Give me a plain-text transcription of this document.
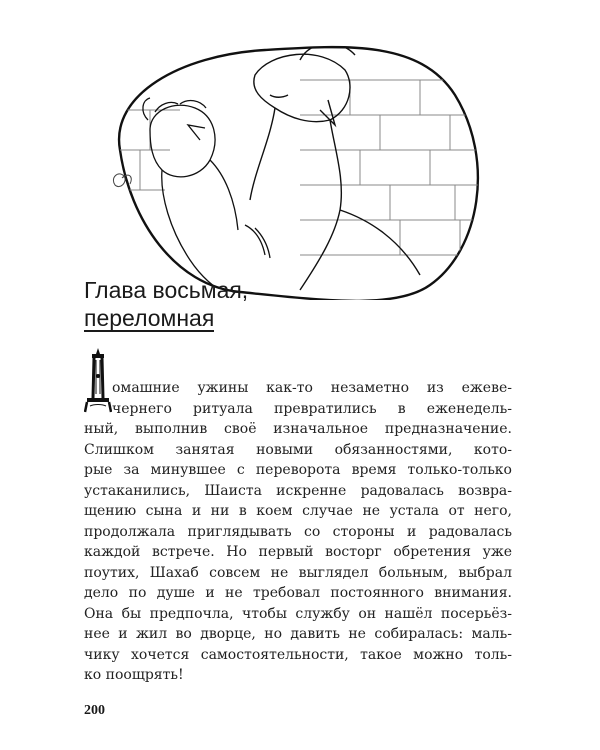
Глава восьмая,
переломная
омашние ужины как-то незаметно из ежеве-
чернего ритуала превратились в еженедель-
ный, выполнив своё изначальное предназначение.
Слишком занятая новыми обязанностями, кото-
рые за минувшее с переворота время только-только
устаканились, Шаиста искренне радовалась возвра-
щению сына и ни в коем случае не устала от него,
продолжала приглядывать со стороны и радовалась
каждой встрече. Но первый восторг обретения уже
поутих, Шахаб совсем не выглядел больным, выбрал
дело по душе и не требовал постоянного внимания.
Она бы предпочла, чтобы службу он нашёл посерьёз-
нее и жил во дворце, но давить не собиралась: маль-
чику хочется самостоятельности, такое можно толь-
ко поощрять!
200
